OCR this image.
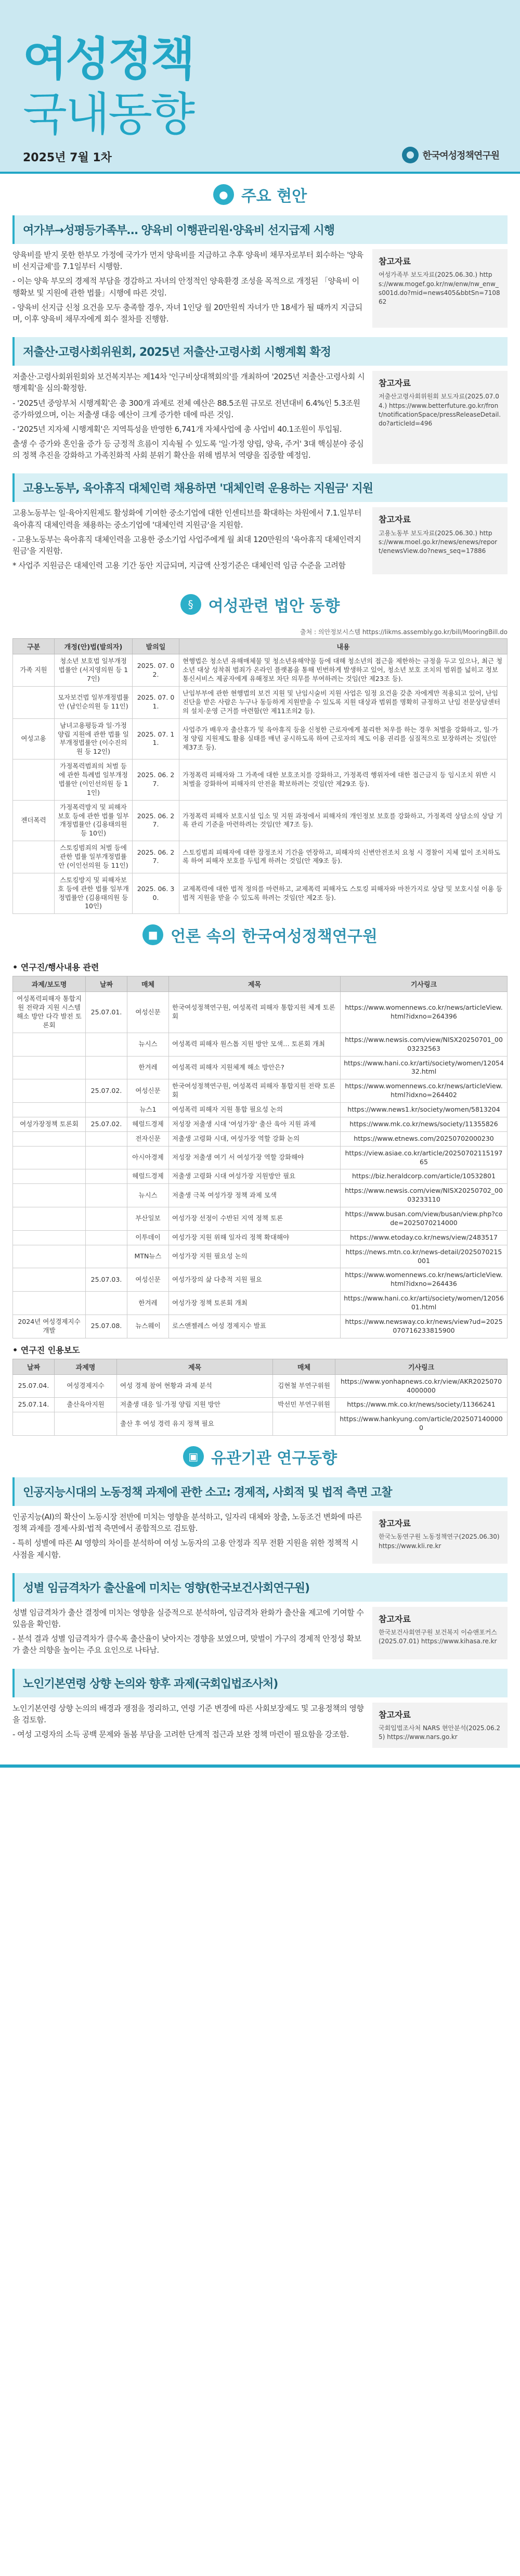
여성정책
국내동향
2025년 7월 1차	한국여성정책연구원
● 주요 현안
여가부→성평등가족부… 양육비 이행관리원·양육비 선지급제 시행

양육비를 받지 못한 한부모 가정에 국가가 먼저 양육비를 지급하고 추후 양육비 채무자로부터 회수하는 '양육비 선지급제'를 7.1일부터 시행함.

- 이는 양육 부모의 경제적 부담을 경감하고 자녀의 안정적인 양육환경 조성을 목적으로 개정된 「양육비 이행확보 및 지원에 관한 법률」시행에 따른 것임.

- 양육비 선지급 신청 요건을 모두 충족할 경우, 자녀 1인당 월 20만원씩 자녀가 만 18세가 될 때까지 지급되며, 이후 양육비 채무자에게 회수 절차를 진행함.

참고자료
여성가족부 보도자료(2025.06.30.) https://www.mogef.go.kr/nw/enw/nw_enw_s001d.do?mid=news405&bbtSn=710862
저출산·고령사회위원회, 2025년 저출산·고령사회 시행계획 확정

저출산·고령사회위원회와 보건복지부는 제14차 '인구비상대책회의'를 개최하여 '2025년 저출산·고령사회 시행계획'을 심의·확정함.

- '2025년 중앙부처 시행계획'은 총 300개 과제로 전체 예산은 88.5조원 규모로 전년대비 6.4%인 5.3조원 증가하였으며, 이는 저출생 대응 예산이 크게 증가한 데에 따른 것임.

- '2025년 지자체 시행계획'은 지역특성을 반영한 6,741개 자체사업에 총 사업비 40.1조원이 투입됨.

출생 수 증가와 혼인율 증가 등 긍정적 흐름이 지속될 수 있도록 '일·가정 양립, 양육, 주거' 3대 핵심분야 중심의 정책 추진을 강화하고 가족친화적 사회 분위기 확산을 위해 범부처 역량을 집중할 예정임.

참고자료
저출산고령사회위원회 보도자료(2025.07.04.) https://www.betterfuture.go.kr/front/notificationSpace/pressReleaseDetail.do?articleId=496
고용노동부, 육아휴직 대체인력 채용하면 '대체인력 운용하는 지원금' 지원

고용노동부는 일·육아지원제도 활성화에 기여한 중소기업에 대한 인센티브를 확대하는 차원에서 7.1.일부터 육아휴직 대체인력을 채용하는 중소기업에 '대체인력 지원금'을 지원함.

- 고용노동부는 육아휴직 대체인력을 고용한 중소기업 사업주에게 월 최대 120만원의 '육아휴직 대체인력지원금'을 지원함.

* 사업주 지원금은 대체인력 고용 기간 동안 지급되며, 지급액 산정기준은 대체인력 임금 수준을 고려함

참고자료
고용노동부 보도자료(2025.06.30.) https://www.moel.go.kr/news/enews/report/enewsView.do?news_seq=17886
§ 여성관련 법안 동향
출처 : 의안정보시스템 https://likms.assembly.go.kr/bill/MooringBill.do
구분	개정(안)법(발의자)	발의일	내용
가족 지원	청소년 보호법 일부개정법률안 (서지영의원 등 17인)	2025. 07. 02.	현행법은 청소년 유해매체물 및 청소년유해약물 등에 대해 청소년의 접근을 제한하는 규정을 두고 있으나, 최근 청소년 대상 성착취 범죄가 온라인 플랫폼을 통해 빈번하게 발생하고 있어, 청소년 보호 조치의 범위를 넓히고 정보통신서비스 제공자에게 유해정보 차단 의무를 부여하려는 것임(안 제23조 등).
	모자보건법 일부개정법률안 (남인순의원 등 11인)	2025. 07. 01.	난임부부에 관한 현행법의 보건 지원 및 난임시술비 지원 사업은 일정 요건을 갖춘 자에게만 적용되고 있어, 난임 진단을 받은 사람은 누구나 동등하게 지원받을 수 있도록 지원 대상과 범위를 명확히 규정하고 난임 전문상담센터의 설치·운영 근거를 마련함(안 제11조의2 등).
여성고용	남녀고용평등과 일·가정 양립 지원에 관한 법률 일부개정법률안 (이수진의원 등 12인)	2025. 07. 11.	사업주가 배우자 출산휴가 및 육아휴직 등을 신청한 근로자에게 불리한 처우를 하는 경우 처벌을 강화하고, 일·가정 양립 지원제도 활용 실태를 매년 공시하도록 하여 근로자의 제도 이용 권리를 실질적으로 보장하려는 것임(안 제37조 등).
	가정폭력범죄의 처벌 등에 관한 특례법 일부개정법률안 (이인선의원 등 11인)	2025. 06. 27.	가정폭력 피해자와 그 가족에 대한 보호조치를 강화하고, 가정폭력 행위자에 대한 접근금지 등 임시조치 위반 시 처벌을 강화하여 피해자의 안전을 확보하려는 것임(안 제29조 등).
젠더폭력	가정폭력방지 및 피해자보호 등에 관한 법률 일부개정법률안 (김용태의원 등 10인)	2025. 06. 27.	가정폭력 피해자 보호시설 입소 및 지원 과정에서 피해자의 개인정보 보호를 강화하고, 가정폭력 상담소의 상담 기록 관리 기준을 마련하려는 것임(안 제7조 등).
	스토킹범죄의 처벌 등에 관한 법률 일부개정법률안 (이인선의원 등 11인)	2025. 06. 27.	스토킹범죄 피해자에 대한 잠정조치 기간을 연장하고, 피해자의 신변안전조치 요청 시 경찰이 지체 없이 조치하도록 하여 피해자 보호를 두텁게 하려는 것임(안 제9조 등).
	스토킹방지 및 피해자보호 등에 관한 법률 일부개정법률안 (김용태의원 등 10인)	2025. 06. 30.	교제폭력에 대한 법적 정의를 마련하고, 교제폭력 피해자도 스토킹 피해자와 마찬가지로 상담 및 보호시설 이용 등 법적 지원을 받을 수 있도록 하려는 것임(안 제2조 등).
■ 언론 속의 한국여성정책연구원
• 연구진/행사내용 관련
과제/보도명	날짜	매체	제목	기사링크
여성폭력피해자 통합지원 전략과 지원 시스템 해소 방안 다각 발전 토론회	25.07.01.	여성신문	한국여성정책연구원, 여성폭력 피해자 통합지원 체계 토론회	https://www.womennews.co.kr/news/articleView.html?idxno=264396
		뉴시스	여성폭력 피해자 원스톱 지원 방안 모색… 토론회 개최	https://www.newsis.com/view/NISX20250701_0003232563
		한겨레	여성폭력 피해자 지원체계 해소 방안은?	https://www.hani.co.kr/arti/society/women/1205432.html
	25.07.02.	여성신문	한국여성정책연구원, 여성폭력 피해자 통합지원 전략 토론회	https://www.womennews.co.kr/news/articleView.html?idxno=264402
		뉴스1	여성폭력 피해자 지원 통합 필요성 논의	https://www.news1.kr/society/women/5813204
여성가장정책 토론회	25.07.02.	헤럴드경제	저성장 저출생 시대 '여성가장' 출산 육아 지원 과제	https://www.mk.co.kr/news/society/11355826
		전자신문	저출생 고령화 시대, 여성가장 역할 강화 논의	https://www.etnews.com/20250702000230
		아시아경제	저성장 저출생 여기 서 여성가장 역할 강화해야	https://view.asiae.co.kr/article/2025070211519765
		헤럴드경제	저출생 고령화 시대 여성가장 지원방안 필요	https://biz.heraldcorp.com/article/10532801
		뉴시스	저출생 극복 여성가장 정책 과제 모색	https://www.newsis.com/view/NISX20250702_0003233110
		부산일보	여성가장 선정이 수반된 지역 정책 토론	https://www.busan.com/view/busan/view.php?code=2025070214000
		이투데이	여성가장 지원 위해 일자리 정책 확대해야	https://www.etoday.co.kr/news/view/2483517
		MTN뉴스	여성가장 지원 필요성 논의	https://news.mtn.co.kr/news-detail/2025070215001
	25.07.03.	여성신문	여성가장의 삶 다층적 지원 필요	https://www.womennews.co.kr/news/articleView.html?idxno=264436
		한겨레	여성가장 정책 토론회 개최	https://www.hani.co.kr/arti/society/women/1205601.html
2024년 여성경제지수 개발	25.07.08.	뉴스웨이	로스앤젤레스 여성 경제지수 발표	https://www.newsway.co.kr/news/view?ud=2025070716233815900
• 연구진 인용보도
날짜	과제명	제목	매체	기사링크
25.07.04.	여성경제지수	여성 경제 참여 현황과 과제 분석	김현철 부연구위원	https://www.yonhapnews.co.kr/view/AKR20250704000000
25.07.14.	출산육아지원	저출생 대응 일·가정 양립 지원 방안	박선민 부연구위원	https://www.mk.co.kr/news/society/11366241
		출산 후 여성 경력 유지 정책 필요		https://www.hankyung.com/article/2025071400000
▣ 유관기관 연구동향
인공지능시대의 노동정책 과제에 관한 소고: 경제적, 사회적 및 법적 측면 고찰

인공지능(AI)의 확산이 노동시장 전반에 미치는 영향을 분석하고, 일자리 대체와 창출, 노동조건 변화에 따른 정책 과제를 경제·사회·법적 측면에서 종합적으로 검토함.

- 특히 성별에 따른 AI 영향의 차이를 분석하여 여성 노동자의 고용 안정과 직무 전환 지원을 위한 정책적 시사점을 제시함.

참고자료
한국노동연구원 노동정책연구(2025.06.30) https://www.kli.re.kr
성별 임금격차가 출산율에 미치는 영향(한국보건사회연구원)

성별 임금격차가 출산 결정에 미치는 영향을 실증적으로 분석하여, 임금격차 완화가 출산율 제고에 기여할 수 있음을 확인함.

- 분석 결과 성별 임금격차가 클수록 출산율이 낮아지는 경향을 보였으며, 맞벌이 가구의 경제적 안정성 확보가 출산 의향을 높이는 주요 요인으로 나타남.

참고자료
한국보건사회연구원 보건복지 이슈앤포커스(2025.07.01) https://www.kihasa.re.kr
노인기본연령 상향 논의와 향후 과제(국회입법조사처)

노인기본연령 상향 논의의 배경과 쟁점을 정리하고, 연령 기준 변경에 따른 사회보장제도 및 고용정책의 영향을 검토함.

- 여성 고령자의 소득 공백 문제와 돌봄 부담을 고려한 단계적 접근과 보완 정책 마련이 필요함을 강조함.

참고자료
국회입법조사처 NARS 현안분석(2025.06.25) https://www.nars.go.kr
